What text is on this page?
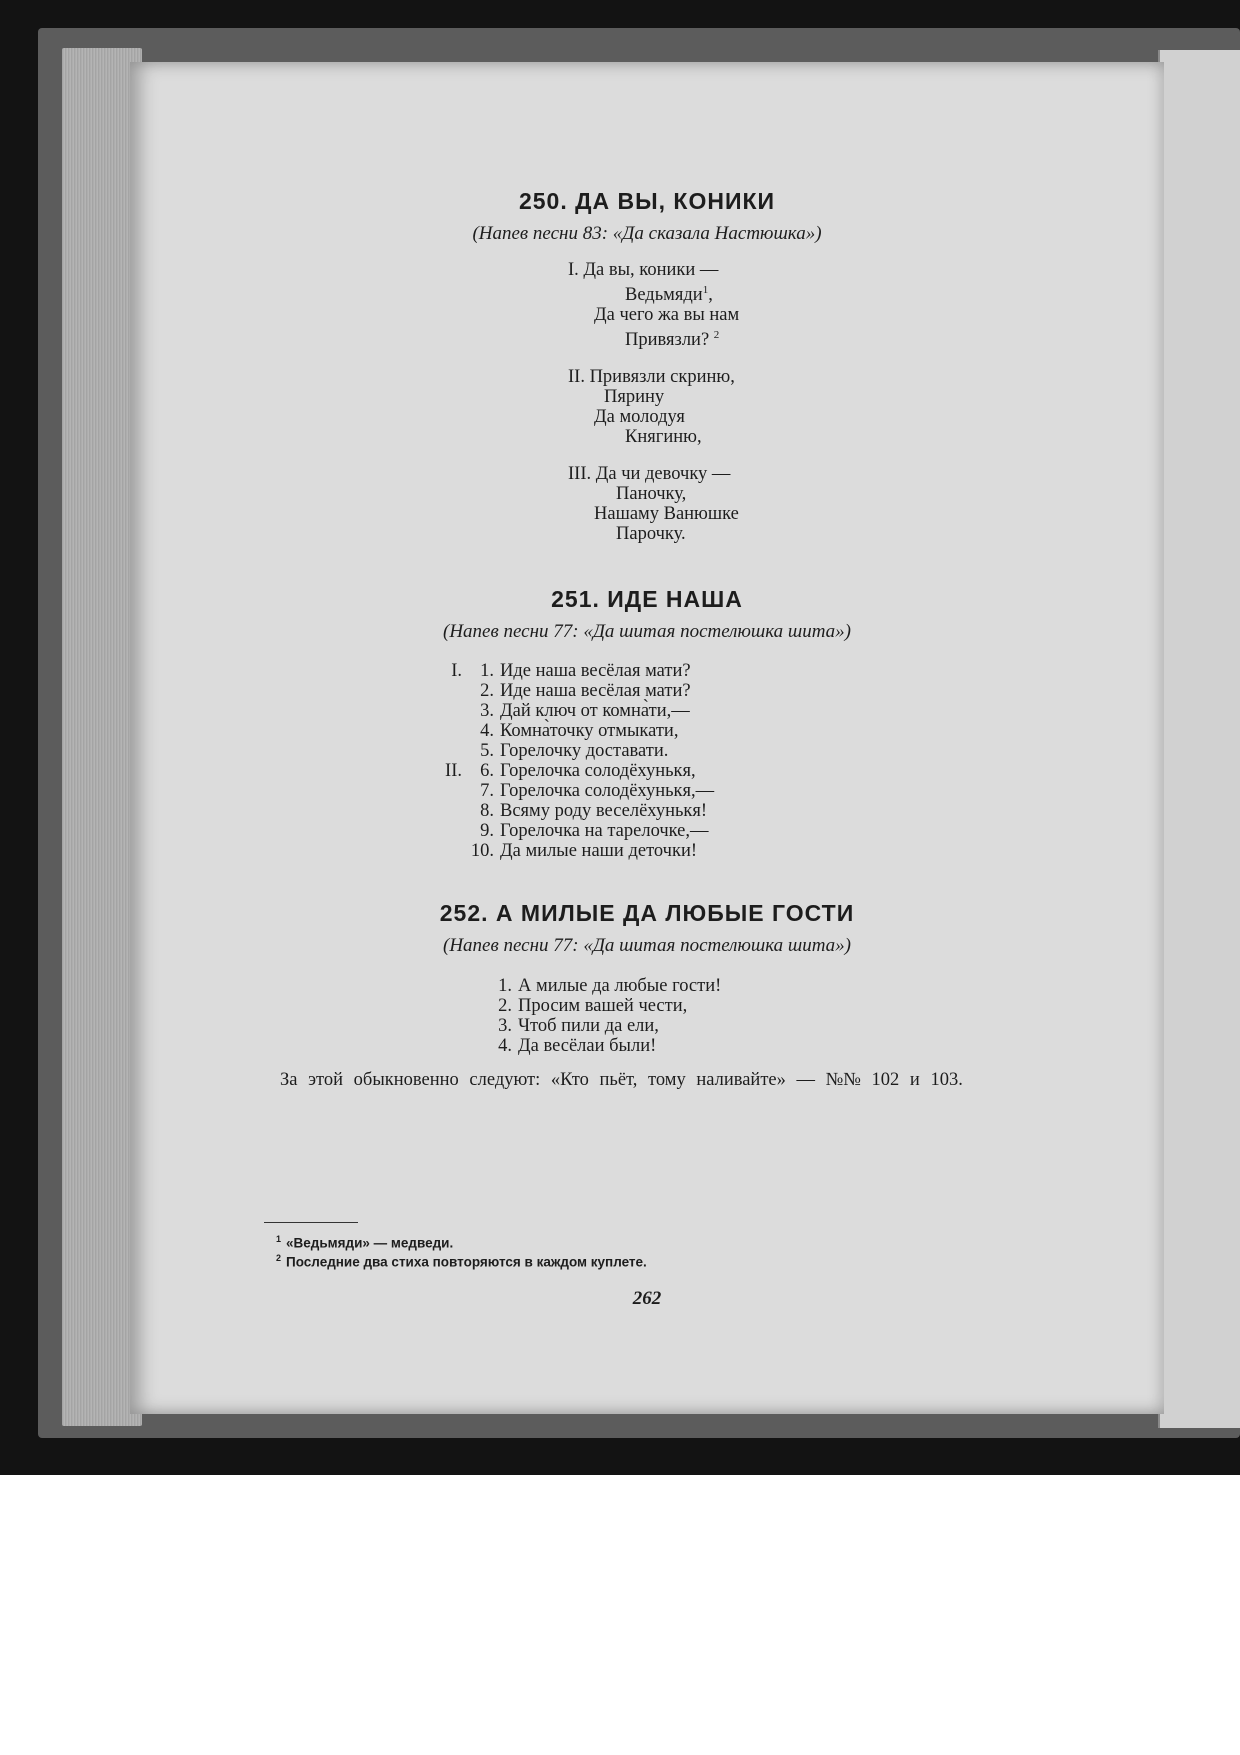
250. ДА ВЫ, КОНИКИ

(Напев песни 83: «Да сказала Настюшка»)

I. Да вы, коники —
Ведьмяди$^1$,
Да чего жа вы нам
Привязли? $^2$
II. Привязли скриню,
Пярину
Да молодуя
Княгиню,
III. Да чи девочку —
Паночку,
Нашаму Ванюшке
Парочку.
251. ИДЕ НАША

(Напев песни 77: «Да шитая постелюшка шита»)

I. 1. Иде наша весёлая мати?
2. Иде наша весёлая мати?
3. Дай ключ от комна̀ти,—
4. Комна̀точку отмыкати,
5. Горелочку доставати.
II. 6. Горелочка солодёхунькя,
7. Горелочка солодёхунькя,—
8. Всяму роду веселёхунькя!
9. Горелочка на тарелочке,—
10. Да милые наши деточки!
252. А МИЛЫЕ ДА ЛЮБЫЕ ГОСТИ

(Напев песни 77: «Да шитая постелюшка шита»)

1. А милые да любые гости!
2. Просим вашей чести,
3. Чтоб пили да ели,
4. Да весёлаи были!
За этой обыкновенно следуют: «Кто пьёт, тому наливайте» — №№ 102 и 103.
$^1$ «Ведьмяди» — медведи.
$^2$ Последние два стиха повторяются в каждом куплете.
262
